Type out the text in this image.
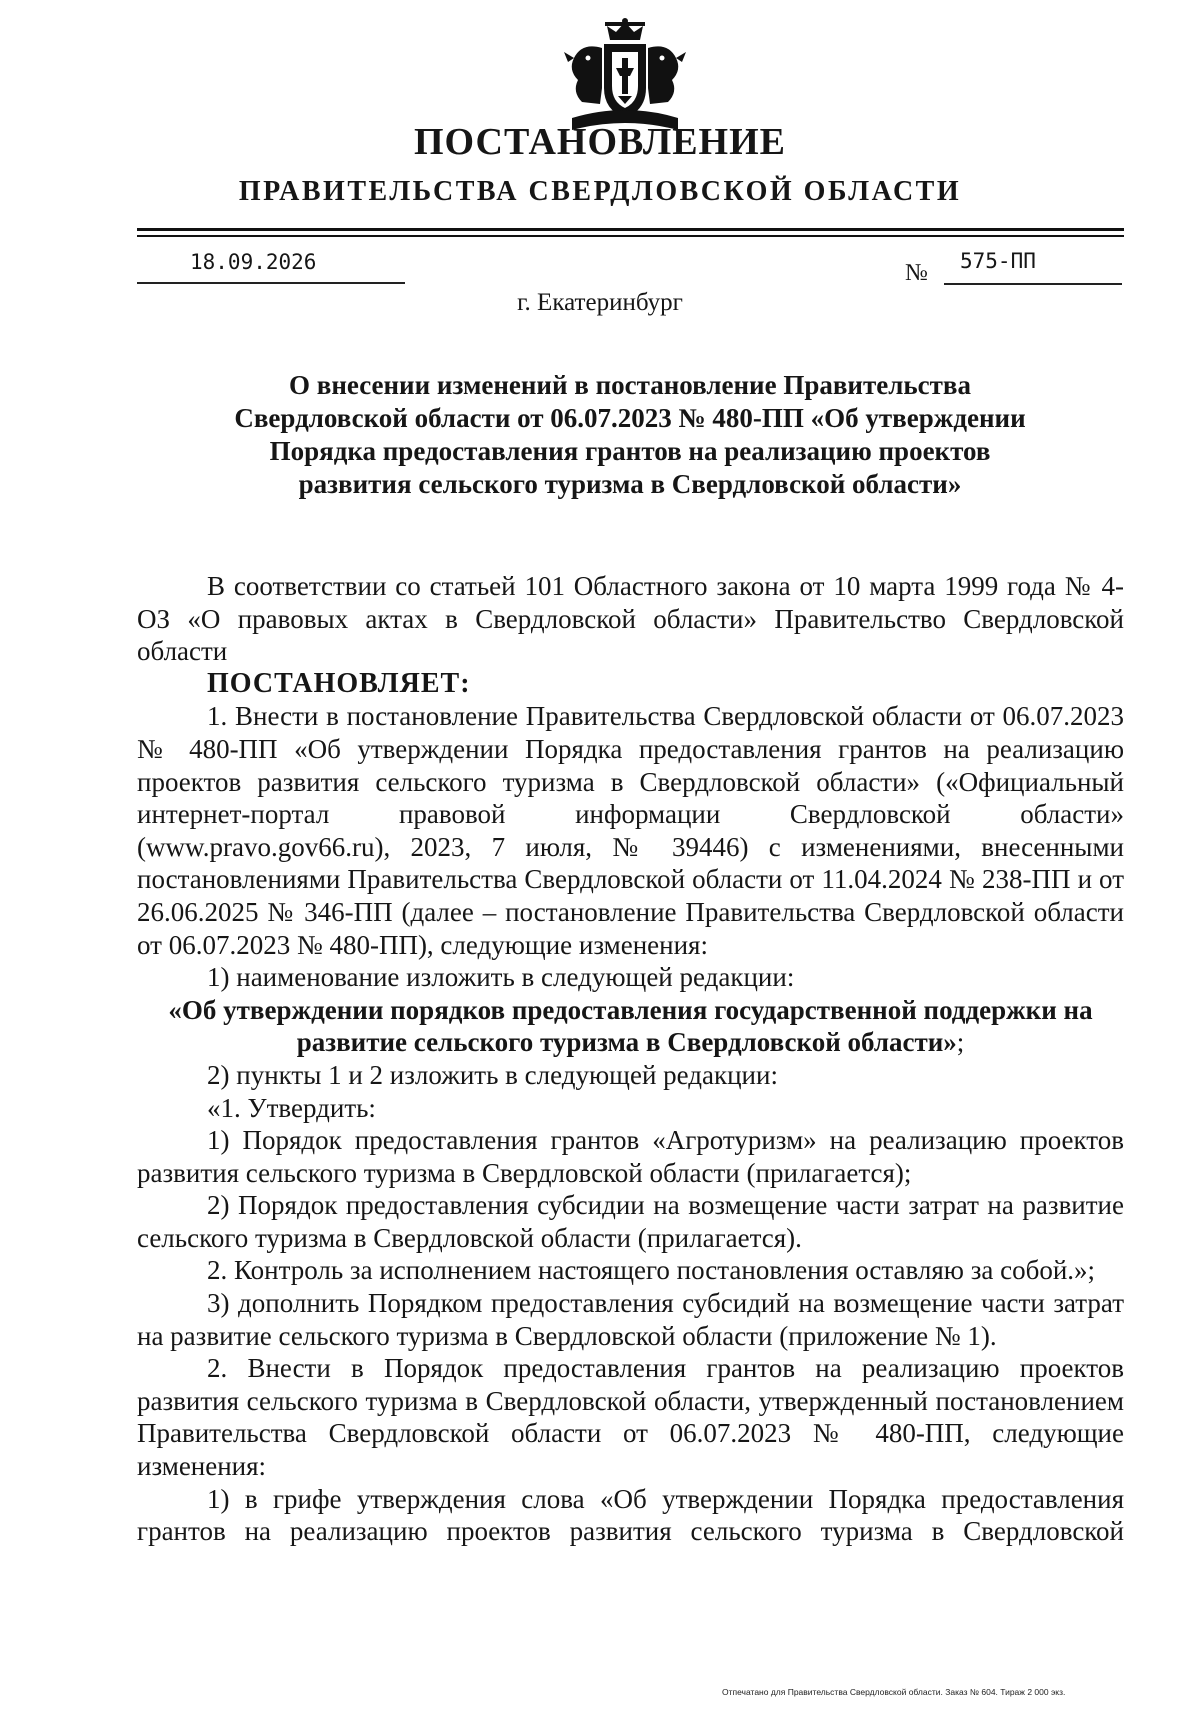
ПОСТАНОВЛЕНИЕ
ПРАВИТЕЛЬСТВА СВЕРДЛОВСКОЙ ОБЛАСТИ
18.09.2026	№ 575-ПП
г. Екатеринбург
О внесении изменений в постановление Правительства
Свердловской области от 06.07.2023 № 480-ПП «Об утверждении
Порядка предоставления грантов на реализацию проектов
развития сельского туризма в Свердловской области»

В соответствии со статьей 101 Областного закона от 10 марта 1999 года № 4-ОЗ «О правовых актах в Свердловской области» Правительство Свердловской области

ПОСТАНОВЛЯЕТ:

1. Внести в постановление Правительства Свердловской области от 06.07.2023 № 480-ПП «Об утверждении Порядка предоставления грантов на реализацию проектов развития сельского туризма в Свердловской области» («Официальный интернет-портал правовой информации Свердловской области» (www.pravo.gov66.ru), 2023, 7 июля, № 39446) с изменениями, внесенными постановлениями Правительства Свердловской области от 11.04.2024 № 238-ПП и от 26.06.2025 № 346-ПП (далее – постановление Правительства Свердловской области от 06.07.2023 № 480-ПП), следующие изменения:

1) наименование изложить в следующей редакции:

«Об утверждении порядков предоставления государственной поддержки на развитие сельского туризма в Свердловской области»;

2) пункты 1 и 2 изложить в следующей редакции:

«1. Утвердить:

1) Порядок предоставления грантов «Агротуризм» на реализацию проектов развития сельского туризма в Свердловской области (прилагается);

2) Порядок предоставления субсидии на возмещение части затрат на развитие сельского туризма в Свердловской области (прилагается).

2. Контроль за исполнением настоящего постановления оставляю за собой.»;

3) дополнить Порядком предоставления субсидий на возмещение части затрат на развитие сельского туризма в Свердловской области (приложение № 1).

2. Внести в Порядок предоставления грантов на реализацию проектов развития сельского туризма в Свердловской области, утвержденный постановлением Правительства Свердловской области от 06.07.2023 № 480-ПП, следующие изменения:

1) в грифе утверждения слова «Об утверждении Порядка предоставления грантов на реализацию проектов развития сельского туризма в Свердловской

Отпечатано для Правительства Свердловской области. Заказ № 604. Тираж 2 000 экз.
